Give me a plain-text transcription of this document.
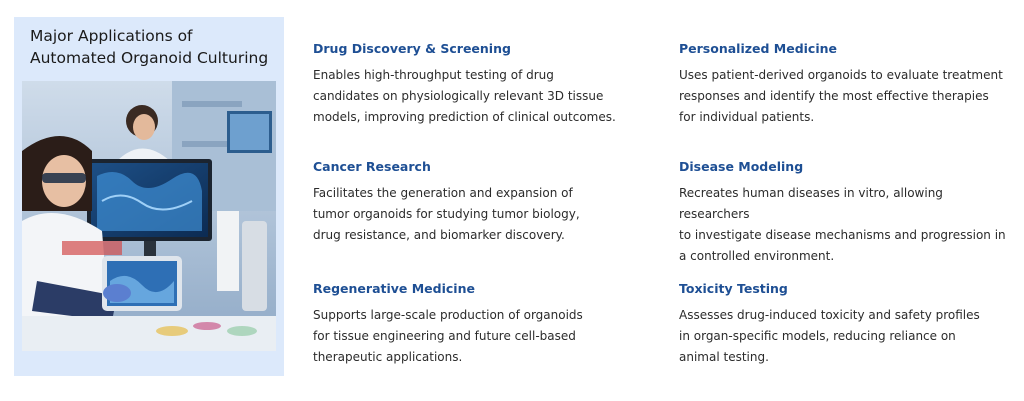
Major Applications of Automated Organoid Culturing
Drug Discovery & Screening
Enables high-throughput testing of drug
candidates on physiologically relevant 3D tissue
models, improving prediction of clinical outcomes.
Cancer Research
Facilitates the generation and expansion of
tumor organoids for studying tumor biology,
drug resistance, and biomarker discovery.
Regenerative Medicine
Supports large-scale production of organoids
for tissue engineering and future cell-based
therapeutic applications.
Personalized Medicine
Uses patient-derived organoids to evaluate treatment
responses and identify the most effective therapies
for individual patients.
Disease Modeling
Recreates human diseases in vitro, allowing researchers
to investigate disease mechanisms and progression in
a controlled environment.
Toxicity Testing
Assesses drug-induced toxicity and safety profiles
in organ-specific models, reducing reliance on
animal testing.
